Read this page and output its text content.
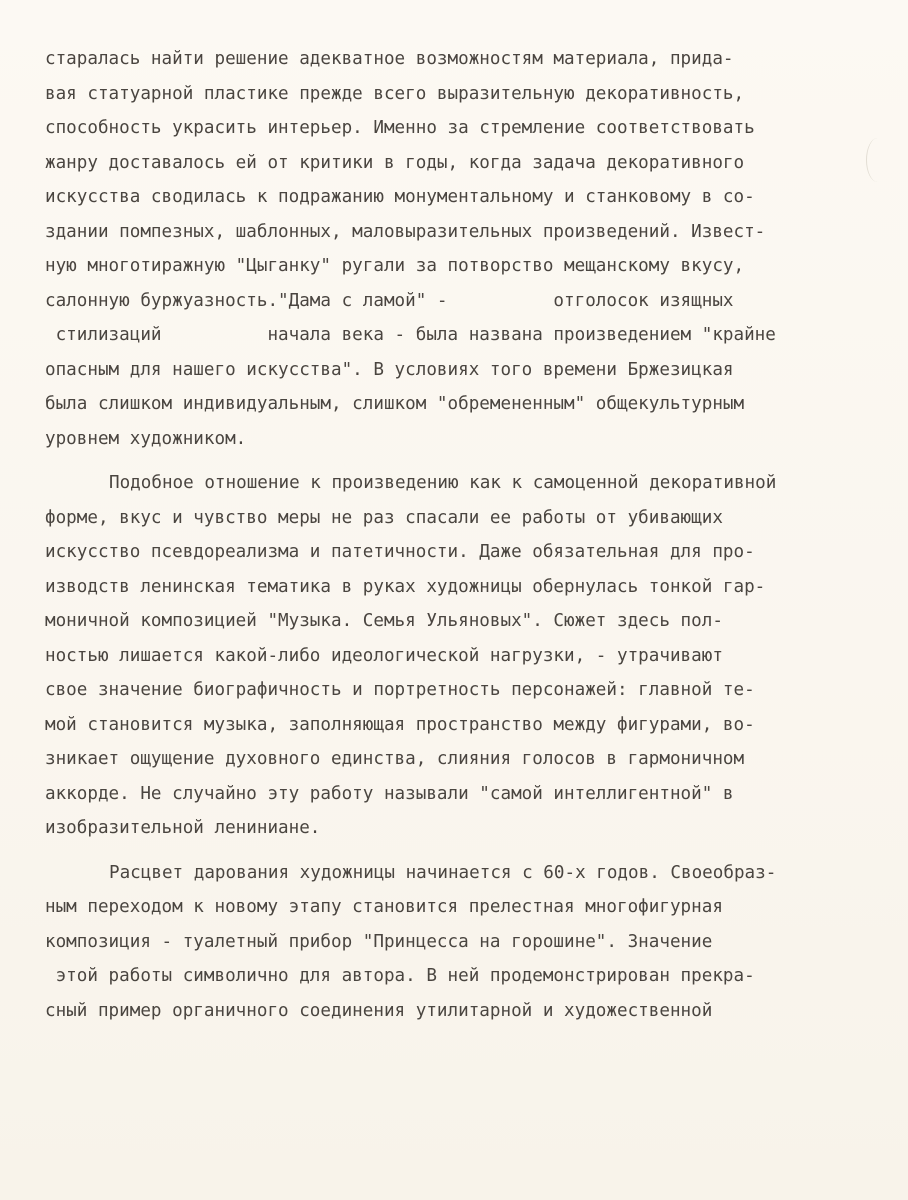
старалась найти решение адекватное возможностям материала, прида-
вая статуарной пластике прежде всего выразительную декоративность,
способность украсить интерьер. Именно за стремление соответствовать
жанру доставалось ей от критики в годы, когда задача декоративного
искусства сводилась к подражанию монументальному и станковому в со-
здании помпезных, шаблонных, маловыразительных произведений. Извест-
ную многотиражную "Цыганку" ругали за потворство мещанскому вкусу,
салонную буржуазность."Дама с ламой" -          отголосок изящных
стилизаций          начала века - была названа произведением "крайне
опасным для нашего искусства". В условиях того времени Бржезицкая
была слишком индивидуальным, слишком "обремененным" общекультурным
уровнем художником.
Подобное отношение к произведению как к самоценной декоративной
форме, вкус и чувство меры не раз спасали ее работы от убивающих
искусство псевдореализма и патетичности. Даже обязательная для про-
изводств ленинская тематика в руках художницы обернулась тонкой гар-
моничной композицией "Музыка. Семья Ульяновых". Сюжет здесь пол-
ностью лишается какой-либо идеологической нагрузки, - утрачивают
свое значение биографичность и портретность персонажей: главной те-
мой становится музыка, заполняющая пространство между фигурами, во-
зникает ощущение духовного единства, слияния голосов в гармоничном
аккорде. Не случайно эту работу называли "самой интеллигентной" в
изобразительной лениниане.
Расцвет дарования художницы начинается с 60-х годов. Своеобраз-
ным переходом к новому этапу становится прелестная многофигурная
композиция - туалетный прибор "Принцесса на горошине". Значение
этой работы символично для автора. В ней продемонстрирован прекра-
сный пример органичного соединения утилитарной и художественной
